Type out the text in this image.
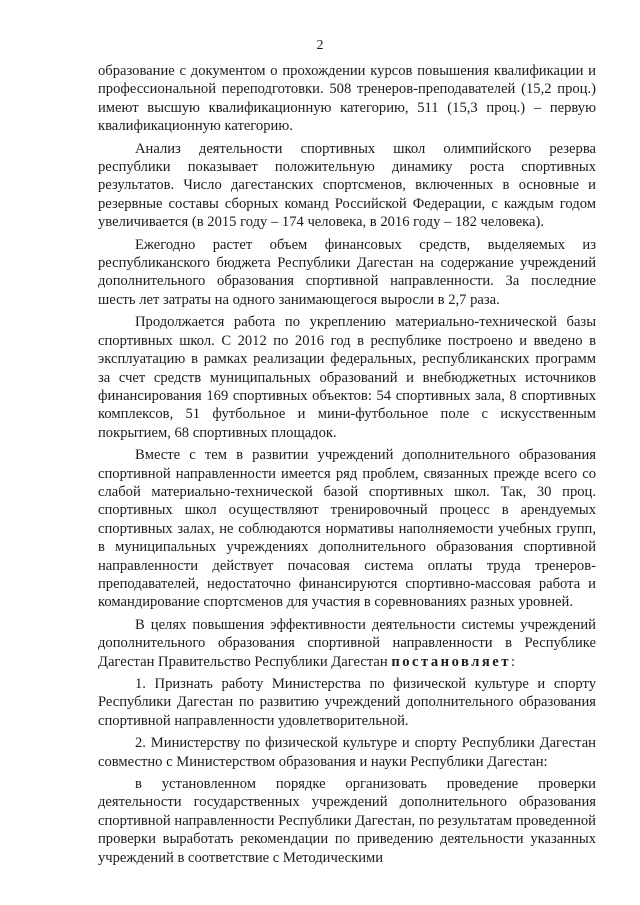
2

образование с документом о прохождении курсов повышения квалификации и профессиональной переподготовки. 508 тренеров-преподавателей (15,2 проц.) имеют высшую квалификационную категорию, 511 (15,3 проц.) – первую квалификационную категорию.

Анализ деятельности спортивных школ олимпийского резерва республики показывает положительную динамику роста спортивных результатов. Число дагестанских спортсменов, включенных в основные и резервные составы сборных команд Российской Федерации, с каждым годом увеличивается (в 2015 году – 174 человека, в 2016 году – 182 человека).

Ежегодно растет объем финансовых средств, выделяемых из республиканского бюджета Республики Дагестан на содержание учреждений дополнительного образования спортивной направленности. За последние шесть лет затраты на одного занимающегося выросли в 2,7 раза.

Продолжается работа по укреплению материально-технической базы спортивных школ. С 2012 по 2016 год в республике построено и введено в эксплуатацию в рамках реализации федеральных, республиканских программ за счет средств муниципальных образований и внебюджетных источников финансирования 169 спортивных объектов: 54 спортивных зала, 8 спортивных комплексов, 51 футбольное и мини-футбольное поле с искусственным покрытием, 68 спортивных площадок.

Вместе с тем в развитии учреждений дополнительного образования спортивной направленности имеется ряд проблем, связанных прежде всего со слабой материально-технической базой спортивных школ. Так, 30 проц. спортивных школ осуществляют тренировочный процесс в арендуемых спортивных залах, не соблюдаются нормативы наполняемости учебных групп, в муниципальных учреждениях дополнительного образования спортивной направленности действует почасовая система оплаты труда тренеров-преподавателей, недостаточно финансируются спортивно-массовая работа и командирование спортсменов для участия в соревнованиях разных уровней.

В целях повышения эффективности деятельности системы учреждений дополнительного образования спортивной направленности в Республике Дагестан Правительство Республики Дагестан постановляет:

1. Признать работу Министерства по физической культуре и спорту Республики Дагестан по развитию учреждений дополнительного образования спортивной направленности удовлетворительной.

2. Министерству по физической культуре и спорту Республики Дагестан совместно с Министерством образования и науки Республики Дагестан:

в установленном порядке организовать проведение проверки деятельности государственных учреждений дополнительного образования спортивной направленности Республики Дагестан, по результатам проведенной проверки выработать рекомендации по приведению деятельности указанных учреждений в соответствие с Методическими
